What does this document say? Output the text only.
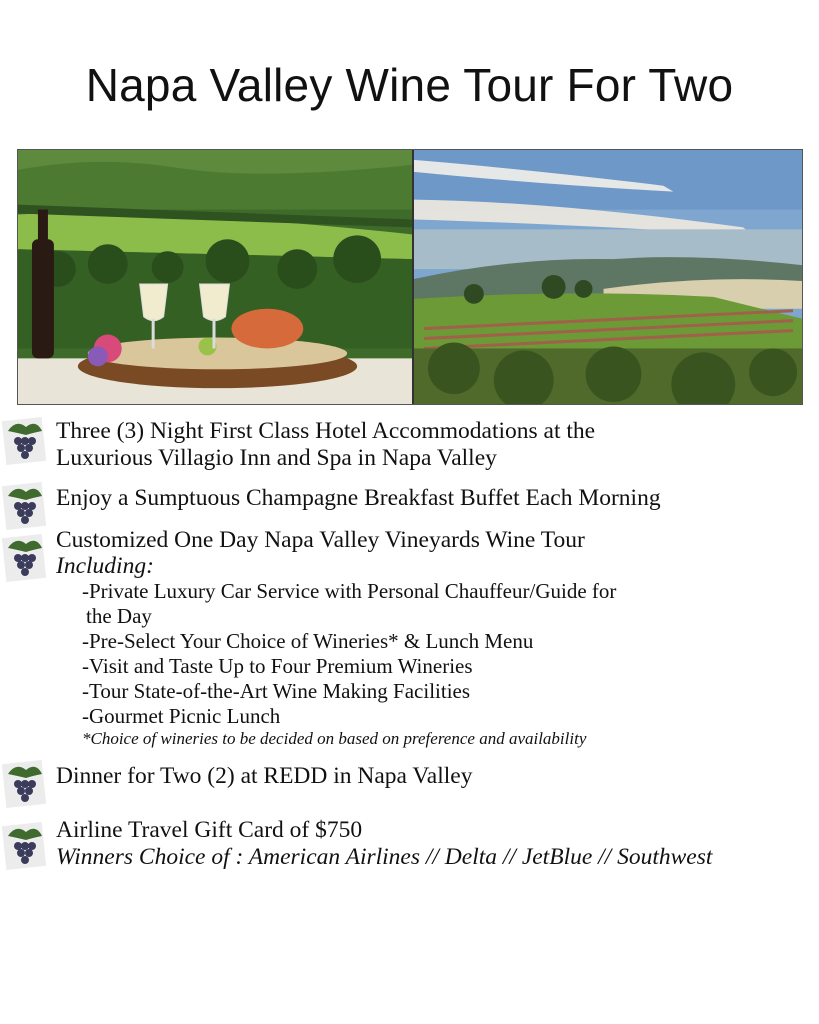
Napa Valley Wine Tour For Two
Three (3) Night First Class Hotel Accommodations at the
Luxurious Villagio Inn and Spa in Napa Valley
Enjoy a Sumptuous Champagne Breakfast Buffet Each Morning
Customized One Day Napa Valley Vineyards Wine Tour
Including:
-Private Luxury Car Service with Personal Chauffeur/Guide for
the Day
-Pre-Select Your Choice of Wineries* & Lunch Menu
-Visit and Taste Up to Four Premium Wineries
-Tour State-of-the-Art Wine Making Facilities
-Gourmet Picnic Lunch
*Choice of wineries to be decided on based on preference and availability
Dinner for Two (2) at REDD in Napa Valley
Airline Travel Gift Card of $750
Winners Choice of : American Airlines // Delta // JetBlue // Southwest
